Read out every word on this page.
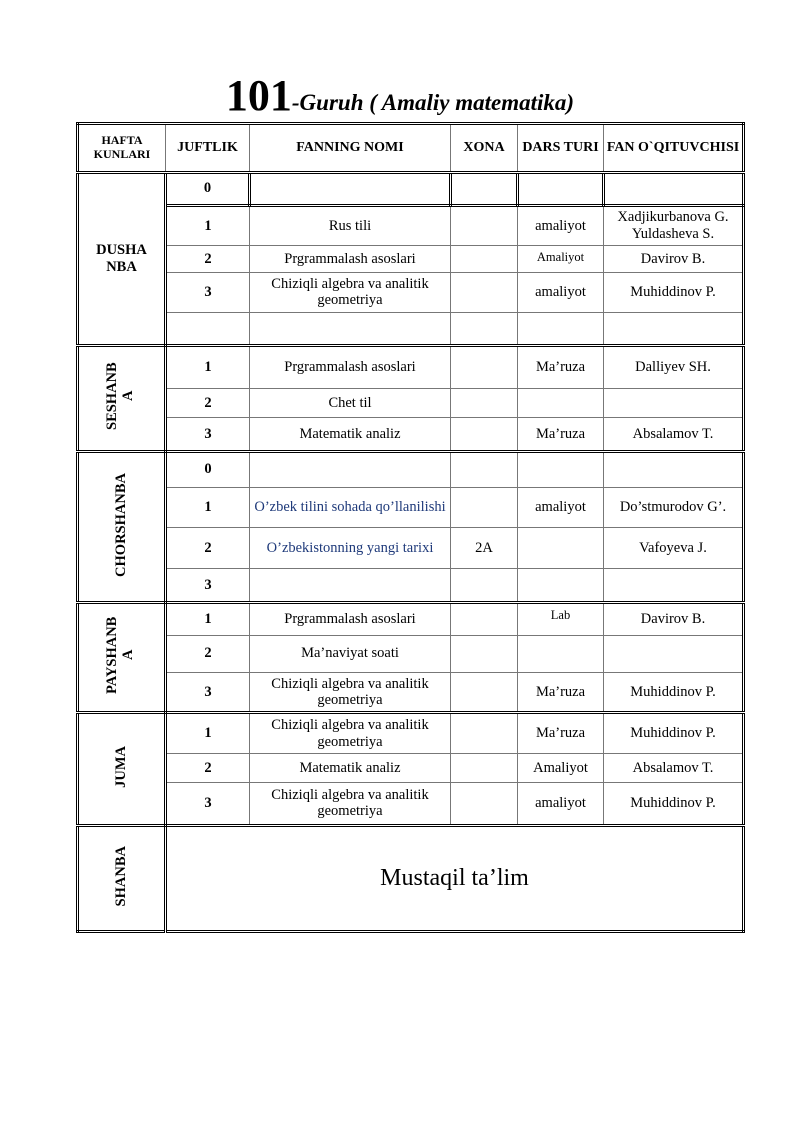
101-Guruh ( Amaliy matematika)
HAFTA KUNLARI	JUFTLIK	FANNING NOMI	XONA	DARS TURI	FAN O`QITUVCHISI
DUSHANBA	0				
	1	Rus tili		amaliyot	Xadjikurbanova G. Yuldasheva S.
	2	Prgrammalash asoslari		Amaliyot	Davirov B.
	3	Chiziqli algebra va analitik geometriya		amaliyot	Muhiddinov P.

SESHANBA	1	Prgrammalash asoslari		Ma’ruza	Dalliyev SH.
	2	Chet til			
	3	Matematik analiz		Ma’ruza	Absalamov T.
CHORSHANBA	0				
	1	O’zbek tilini sohada qo’llanilishi		amaliyot	Do’stmurodov G’.
	2	O’zbekistonning yangi tarixi	2A		Vafoyeva J.
	3				
PAYSHANBA	1	Prgrammalash asoslari		Lab	Davirov B.
	2	Ma’naviyat soati			
	3	Chiziqli algebra va analitik geometriya		Ma’ruza	Muhiddinov P.
JUMA	1	Chiziqli algebra va analitik geometriya		Ma’ruza	Muhiddinov P.
	2	Matematik analiz		Amaliyot	Absalamov T.
	3	Chiziqli algebra va analitik geometriya		amaliyot	Muhiddinov P.
SHANBA	Mustaqil ta’lim				
